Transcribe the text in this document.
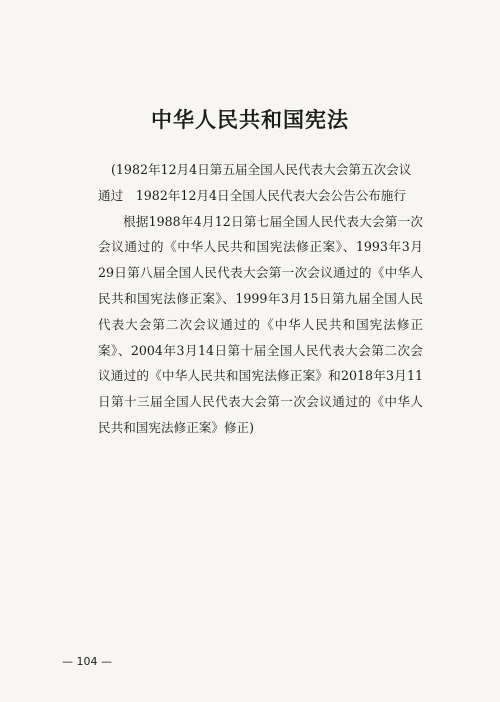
中华人民共和国宪法

(1982年12月4日第五届全国人民代表大会第五次会议

通过　1982年12月4日全国人民代表大会公告公布施行

根据1988年4月12日第七届全国人民代表大会第一次会议通过的《中华人民共和国宪法修正案》、1993年3月29日第八届全国人民代表大会第一次会议通过的《中华人民共和国宪法修正案》、1999年3月15日第九届全国人民代表大会第二次会议通过的《中华人民共和国宪法修正案》、2004年3月14日第十届全国人民代表大会第二次会议通过的《中华人民共和国宪法修正案》和2018年3月11日第十三届全国人民代表大会第一次会议通过的《中华人民共和国宪法修正案》修正)

— 104 —
